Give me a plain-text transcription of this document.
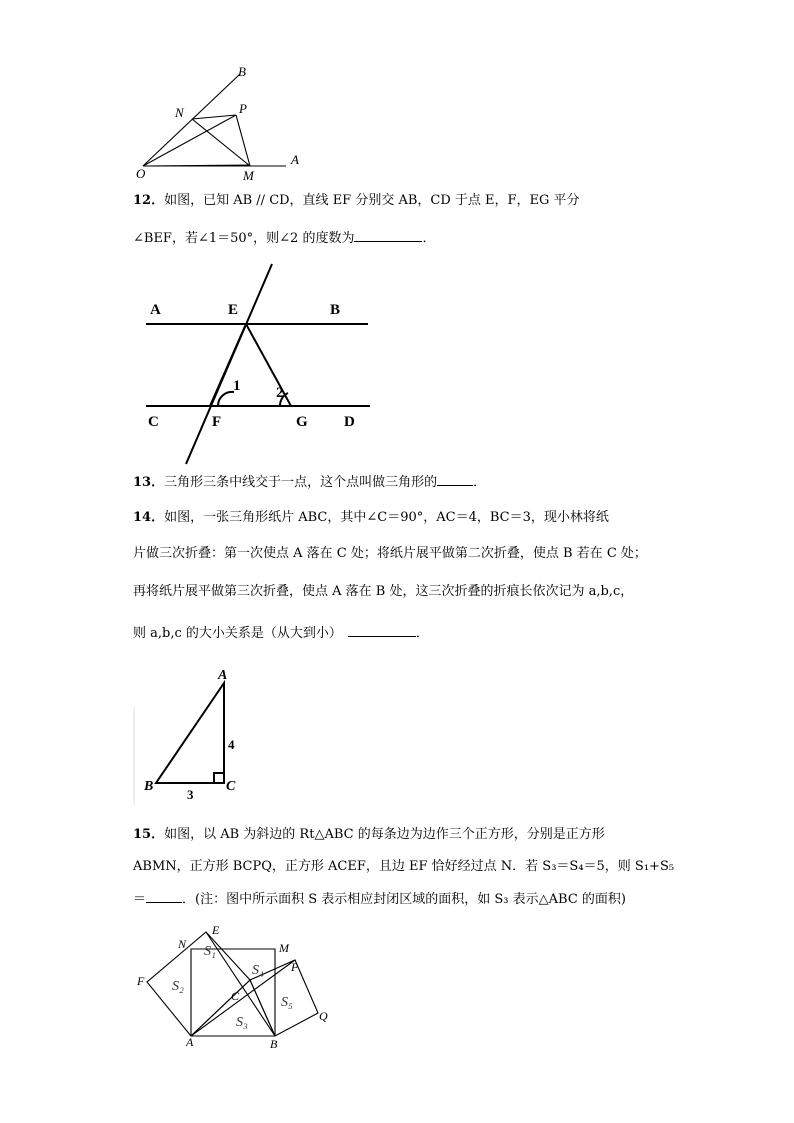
B
N	P
O	M
A
12．如图，已知 AB // CD，直线 EF 分别交 AB，CD 于点 E，F，EG 平分
∠BEF，若∠1＝50°，则∠2 的度数为	．
A	E	B
C	F	G D
1 2
13．三角形三条中线交于一点，这个点叫做三角形的	．
14．如图，一张三角形纸片 ABC，其中∠C＝90°，AC＝4，BC＝3，现小林将纸
片做三次折叠：第一次使点 A 落在 C 处；将纸片展平做第二次折叠，使点 B 若在 C 处；
再将纸片展平做第三次折叠，使点 A 落在 B 处，这三次折叠的折痕长依次记为 a,b,c，
则 a,b,c 的大小关系是（从大到小）	．
A
B	C
4
3
15．如图，以 AB 为斜边的 Rt△ABC 的每条边为边作三个正方形，分别是正方形
ABMN，正方形 BCPQ，正方形 ACEF，且边 EF 恰好经过点 N．若 S₃＝S₄＝5，则 S₁+S₅
＝	．(注：图中所示面积 S 表示相应封闭区域的面积，如 S₃ 表示△ABC 的面积)
E
N	M
P
F
C
Q
A	B
S₁
S₂
S₃
S₄
S₅
